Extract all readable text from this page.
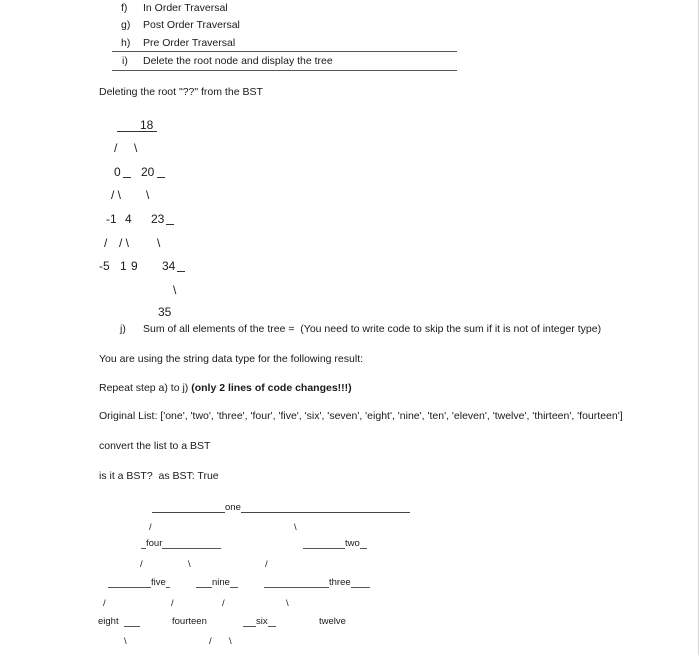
f) In Order Traversal
g) Post Order Traversal
h) Pre Order Traversal
i) Delete the root node and display the tree
Deleting the root "??" from the BST
18
/     \
0 20
/ \ \
-1 4 23
/ / \ \
-5 1 9 34
\
35
j) Sum of all elements of the tree =  (You need to write code to skip the sum if it is not of integer type)
You are using the string data type for the following result:
Repeat step a) to j) (only 2 lines of code changes!!!)
Original List: ['one', 'two', 'three', 'four', 'five', 'six', 'seven', 'eight', 'nine', 'ten', 'eleven', 'twelve', 'thirteen', 'fourteen']
convert the list to a BST
is it a BST?  as BST: True
one
/	\
four	two
/	\	/
five	nine	three
/	/	/	\
eight	fourteen	six	twelve
\	/ \
